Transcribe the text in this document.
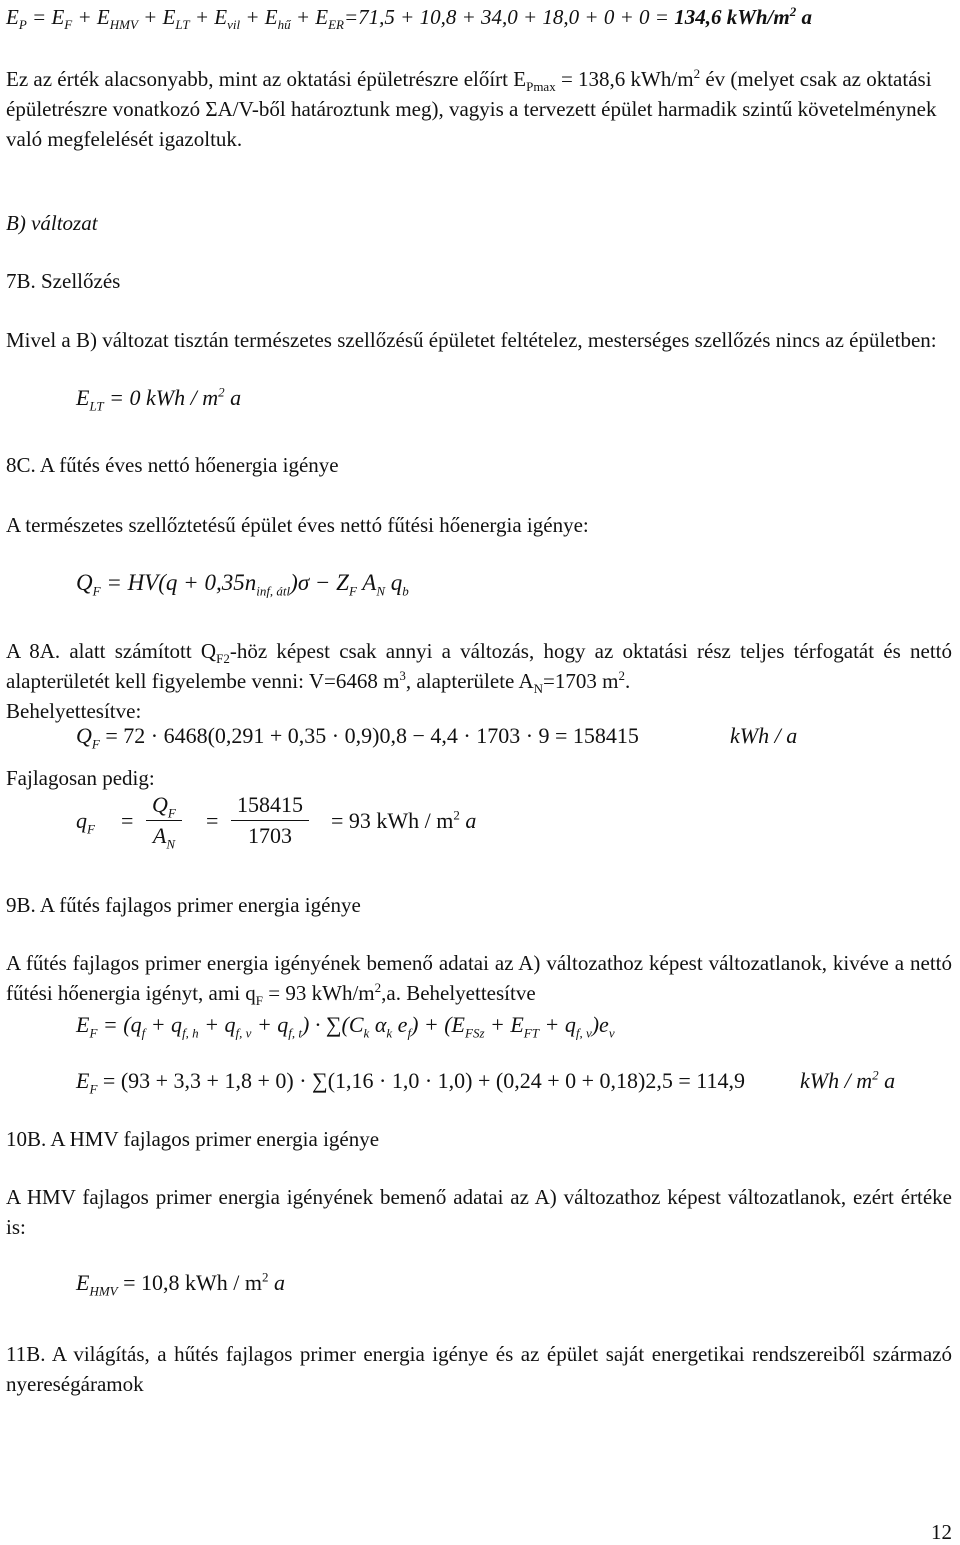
$E_P = E_F + E_{HMV} + E_{LT} + E_{vil} + E_{hű} + E_{ER}=71,5 + 10,8 + 34,0 + 18,0 + 0 + 0 = 134,6$ kWh/$m^2$ a
Ez az érték alacsonyabb, mint az oktatási épületrészre előírt $E_{Pmax} = 138,6$ kWh/$m^2$ év (melyet csak az oktatási épületrészre vonatkozó ΣA/V-ből határoztunk meg), vagyis a tervezett épület harmadik szintű követelménynek való megfelelését igazoltuk.
B) változat
7B. Szellőzés
Mivel a B) változat tisztán természetes szellőzésű épületet feltételez, mesterséges szellőzés nincs az épületben:
$E_{LT} = 0$ kWh / $m^2$ a
8C. A fűtés éves nettó hőenergia igénye
A természetes szellőztetésű épület éves nettó fűtési hőenergia igénye:
$Q_F = HV(q + 0,35n_{inf, átl})\sigma - Z_F$ $A_N$ $q_b$
A 8A. alatt számított $Q_{F2}$-höz képest csak annyi a változás, hogy az oktatási rész teljes térfogatát és nettó alapterületét kell figyelembe venni: V=6468 $m^3$, alapterülete $A_N=1703$ $m^2$.
Behelyettesítve:
$Q_F = 72 \cdot 6468(0,291 + 0,35 \cdot 0,9)0,8 - 4,4 \cdot 1703 \cdot 9 = 158415$	kWh / a
Fajlagosan pedig:
$q_F = \frac{Q_F}{A_N} = \frac{158415}{1703} = 93$ kWh / $m^2$ a
9B. A fűtés fajlagos primer energia igénye
A fűtés fajlagos primer energia igényének bemenő adatai az A) változathoz képest változatlanok, kivéve a nettó fűtési hőenergia igényt, ami $q_F = 93$ kWh/$m^2,a$. Behelyettesítve
$E_F = (q_f + q_{f, h} + q_{f, v} + q_{f, t}) \cdot \sum(C_k$ $\alpha_k$ $e_f) + (E_{FSz} + E_{FT} + q_{f, v})e_v$
$E_F = (93 + 3,3 + 1,8 + 0) \cdot \sum(1,16 \cdot 1,0 \cdot 1,0) + (0,24 + 0 + 0,18)2,5 = 114,9$	kWh / $m^2$ a
10B. A HMV fajlagos primer energia igénye
A HMV fajlagos primer energia igényének bemenő adatai az A) változathoz képest változatlanok, ezért értéke is:
$E_{HMV} = 10,8$ kWh / $m^2$ a
11B. A világítás, a hűtés fajlagos primer energia igénye és az épület saját energetikai rendszereiből származó nyereségáramok
12
